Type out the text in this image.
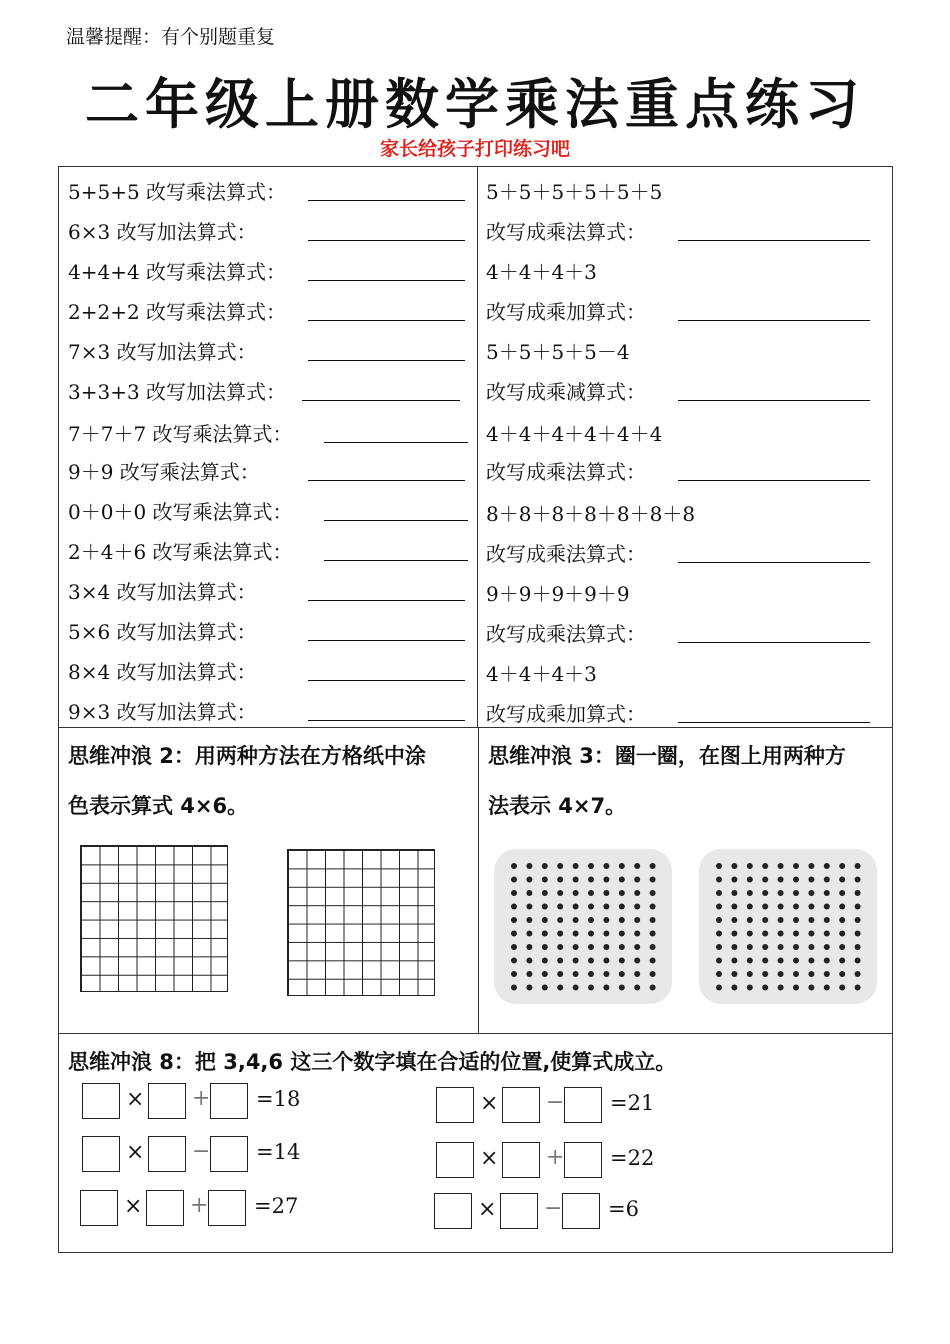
温馨提醒：有个别题重复
二年级上册数学乘法重点练习
家长给孩子打印练习吧
5+5+5 改写乘法算式：
6×3 改写加法算式：
4+4+4 改写乘法算式：
2+2+2 改写乘法算式：
7×3 改写加法算式：
3+3+3 改写加法算式：
7＋7＋7 改写乘法算式：
9＋9 改写乘法算式：
0＋0＋0 改写乘法算式：
2＋4＋6 改写乘法算式：
3×4 改写加法算式：
5×6 改写加法算式：
8×4 改写加法算式：
9×3 改写加法算式：
5＋5＋5＋5＋5＋5
改写成乘法算式：
4＋4＋4＋3
改写成乘加算式：
5＋5＋5＋5－4
改写成乘减算式：
4＋4＋4＋4＋4＋4
改写成乘法算式：
8＋8＋8＋8＋8＋8＋8
改写成乘法算式：
9＋9＋9＋9＋9
改写成乘法算式：
4＋4＋4＋3
改写成乘加算式：
思维冲浪 2：用两种方法在方格纸中涂
色表示算式 4×6。
思维冲浪 3：圈一圈，在图上用两种方
法表示 4×7。
思维冲浪 8：把 3,4,6 这三个数字填在合适的位置,使算式成立。
× + =18
× − =14
× + =27
× − =21
× + =22
× − =6
